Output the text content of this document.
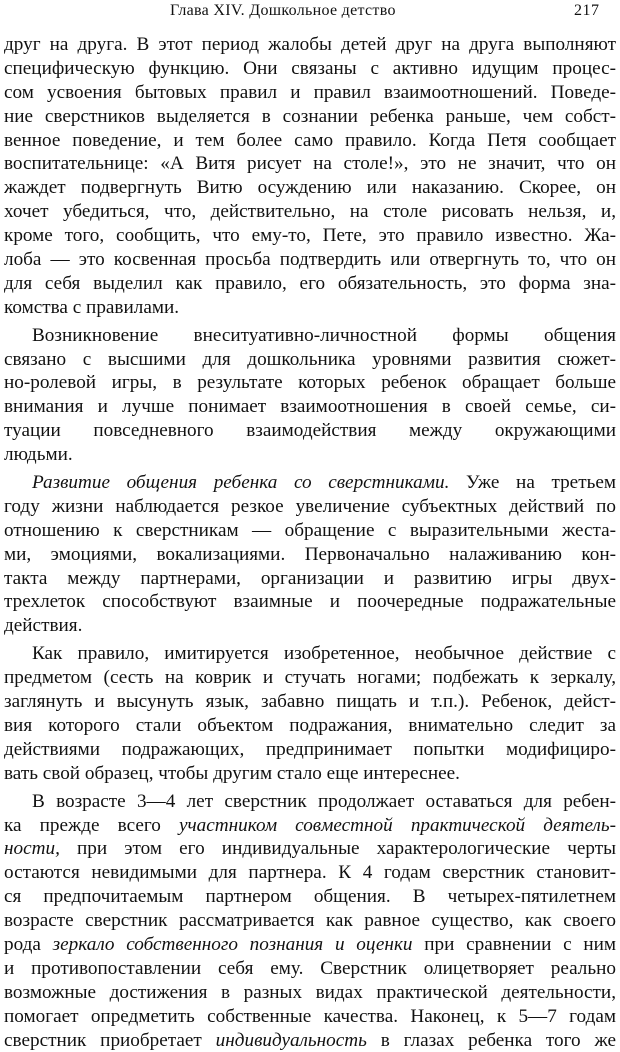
Глава XIV. Дошкольное детство	217
друг на друга. В этот период жалобы детей друг на друга выполняют
специфическую функцию. Они связаны с активно идущим процес-
сом усвоения бытовых правил и правил взаимоотношений. Поведе-
ние сверстников выделяется в сознании ребенка раньше, чем собст-
венное поведение, и тем более само правило. Когда Петя сообщает
воспитательнице: «А Витя рисует на столе!», это не значит, что он
жаждет подвергнуть Витю осуждению или наказанию. Скорее, он
хочет убедиться, что, действительно, на столе рисовать нельзя, и,
кроме того, сообщить, что ему-то, Пете, это правило известно. Жа-
лоба — это косвенная просьба подтвердить или отвергнуть то, что он
для себя выделил как правило, его обязательность, это форма зна-
комства с правилами.
Возникновение внеситуативно-личностной формы общения
связано с высшими для дошкольника уровнями развития сюжет-
но-ролевой игры, в результате которых ребенок обращает больше
внимания и лучше понимает взаимоотношения в своей семье, си-
туации повседневного взаимодействия между окружающими
людьми.
Развитие общения ребенка со сверстниками. Уже на третьем
году жизни наблюдается резкое увеличение субъектных действий по
отношению к сверстникам — обращение с выразительными жеста-
ми, эмоциями, вокализациями. Первоначально налаживанию кон-
такта между партнерами, организации и развитию игры двух-
трехлеток способствуют взаимные и поочередные подражательные
действия.
Как правило, имитируется изобретенное, необычное действие с
предметом (сесть на коврик и стучать ногами; подбежать к зеркалу,
заглянуть и высунуть язык, забавно пищать и т.п.). Ребенок, дейст-
вия которого стали объектом подражания, внимательно следит за
действиями подражающих, предпринимает попытки модифициро-
вать свой образец, чтобы другим стало еще интереснее.
В возрасте 3—4 лет сверстник продолжает оставаться для ребен-
ка прежде всего участником совместной практической деятель-
ности, при этом его индивидуальные характерологические черты
остаются невидимыми для партнера. К 4 годам сверстник становит-
ся предпочитаемым партнером общения. В четырех-пятилетнем
возрасте сверстник рассматривается как равное существо, как своего
рода зеркало собственного познания и оценки при сравнении с ним
и противопоставлении себя ему. Сверстник олицетворяет реально
возможные достижения в разных видах практической деятельности,
помогает опредметить собственные качества. Наконец, к 5—7 годам
сверстник приобретает индивидуальность в глазах ребенка того же
